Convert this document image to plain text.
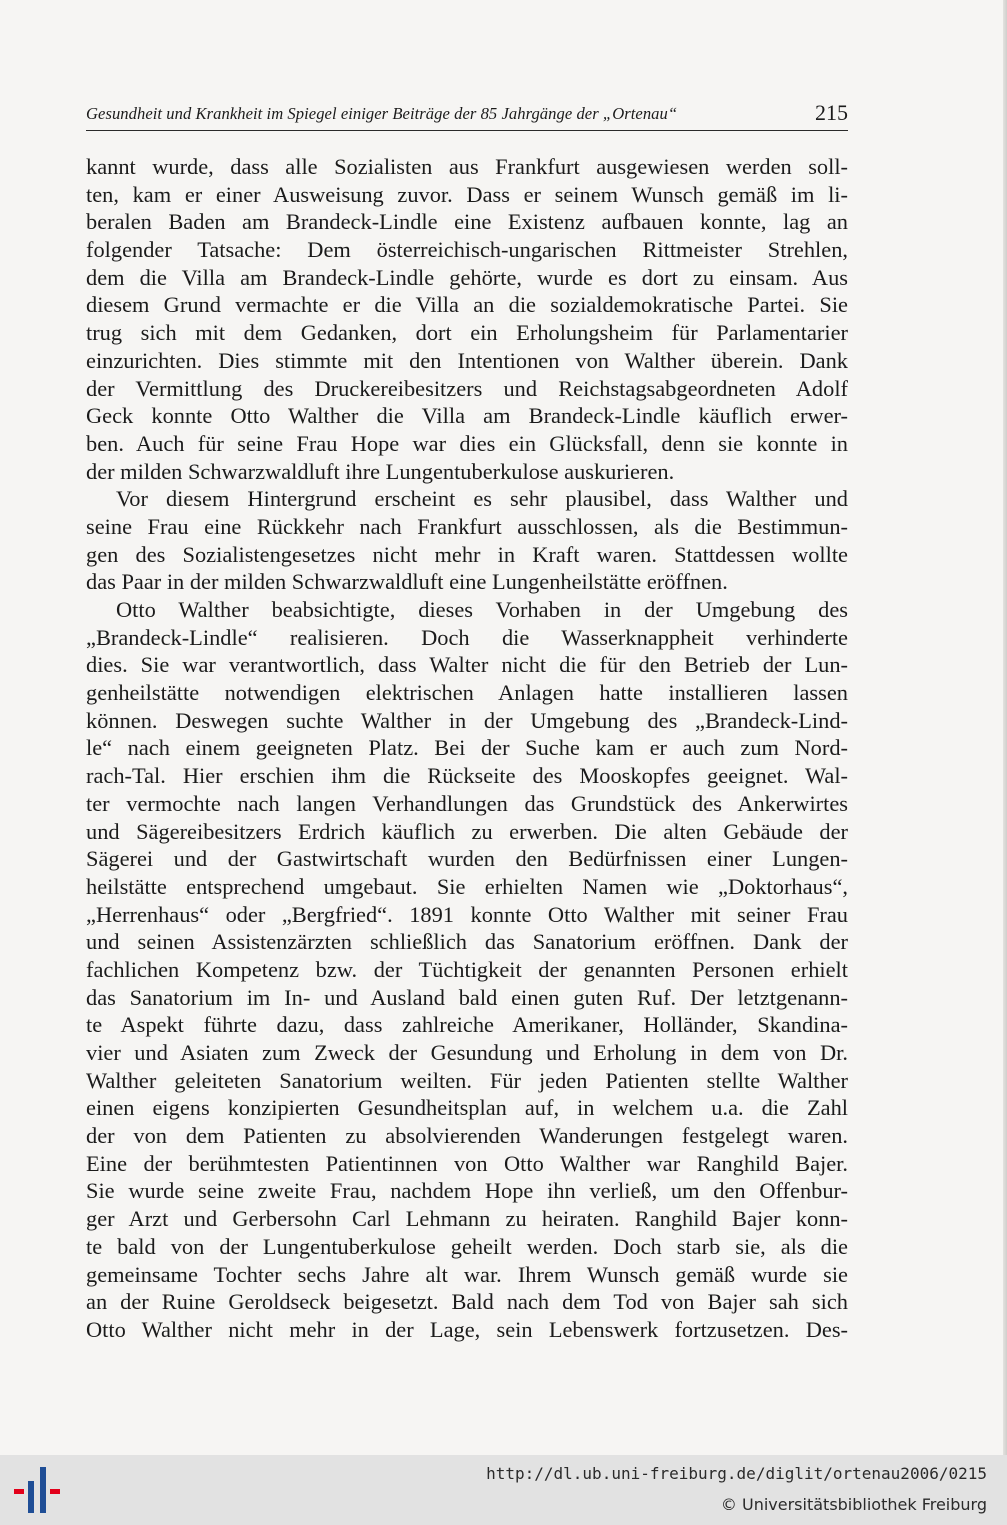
Gesundheit und Krankheit im Spiegel einiger Beiträge der 85 Jahrgänge der „Ortenau“	215
kannt wurde, dass alle Sozialisten aus Frankfurt ausgewiesen werden soll-
ten, kam er einer Ausweisung zuvor. Dass er seinem Wunsch gemäß im li-
beralen Baden am Brandeck-Lindle eine Existenz aufbauen konnte, lag an
folgender Tatsache: Dem österreichisch-ungarischen Rittmeister Strehlen,
dem die Villa am Brandeck-Lindle gehörte, wurde es dort zu einsam. Aus
diesem Grund vermachte er die Villa an die sozialdemokratische Partei. Sie
trug sich mit dem Gedanken, dort ein Erholungsheim für Parlamentarier
einzurichten. Dies stimmte mit den Intentionen von Walther überein. Dank
der Vermittlung des Druckereibesitzers und Reichstagsabgeordneten Adolf
Geck konnte Otto Walther die Villa am Brandeck-Lindle käuflich erwer-
ben. Auch für seine Frau Hope war dies ein Glücksfall, denn sie konnte in
der milden Schwarzwaldluft ihre Lungentuberkulose auskurieren.
Vor diesem Hintergrund erscheint es sehr plausibel, dass Walther und
seine Frau eine Rückkehr nach Frankfurt ausschlossen, als die Bestimmun-
gen des Sozialistengesetzes nicht mehr in Kraft waren. Stattdessen wollte
das Paar in der milden Schwarzwaldluft eine Lungenheilstätte eröffnen.
Otto Walther beabsichtigte, dieses Vorhaben in der Umgebung des
„Brandeck-Lindle“ realisieren. Doch die Wasserknappheit verhinderte
dies. Sie war verantwortlich, dass Walter nicht die für den Betrieb der Lun-
genheilstätte notwendigen elektrischen Anlagen hatte installieren lassen
können. Deswegen suchte Walther in der Umgebung des „Brandeck-Lind-
le“ nach einem geeigneten Platz. Bei der Suche kam er auch zum Nord-
rach-Tal. Hier erschien ihm die Rückseite des Mooskopfes geeignet. Wal-
ter vermochte nach langen Verhandlungen das Grundstück des Ankerwirtes
und Sägereibesitzers Erdrich käuflich zu erwerben. Die alten Gebäude der
Sägerei und der Gastwirtschaft wurden den Bedürfnissen einer Lungen-
heilstätte entsprechend umgebaut. Sie erhielten Namen wie „Doktorhaus“,
„Herrenhaus“ oder „Bergfried“. 1891 konnte Otto Walther mit seiner Frau
und seinen Assistenzärzten schließlich das Sanatorium eröffnen. Dank der
fachlichen Kompetenz bzw. der Tüchtigkeit der genannten Personen erhielt
das Sanatorium im In- und Ausland bald einen guten Ruf. Der letztgenann-
te Aspekt führte dazu, dass zahlreiche Amerikaner, Holländer, Skandina-
vier und Asiaten zum Zweck der Gesundung und Erholung in dem von Dr.
Walther geleiteten Sanatorium weilten. Für jeden Patienten stellte Walther
einen eigens konzipierten Gesundheitsplan auf, in welchem u.a. die Zahl
der von dem Patienten zu absolvierenden Wanderungen festgelegt waren.
Eine der berühmtesten Patientinnen von Otto Walther war Ranghild Bajer.
Sie wurde seine zweite Frau, nachdem Hope ihn verließ, um den Offenbur-
ger Arzt und Gerbersohn Carl Lehmann zu heiraten. Ranghild Bajer konn-
te bald von der Lungentuberkulose geheilt werden. Doch starb sie, als die
gemeinsame Tochter sechs Jahre alt war. Ihrem Wunsch gemäß wurde sie
an der Ruine Geroldseck beigesetzt. Bald nach dem Tod von Bajer sah sich
Otto Walther nicht mehr in der Lage, sein Lebenswerk fortzusetzen. Des-
http://dl.ub.uni-freiburg.de/diglit/ortenau2006/0215
© Universitätsbibliothek Freiburg
